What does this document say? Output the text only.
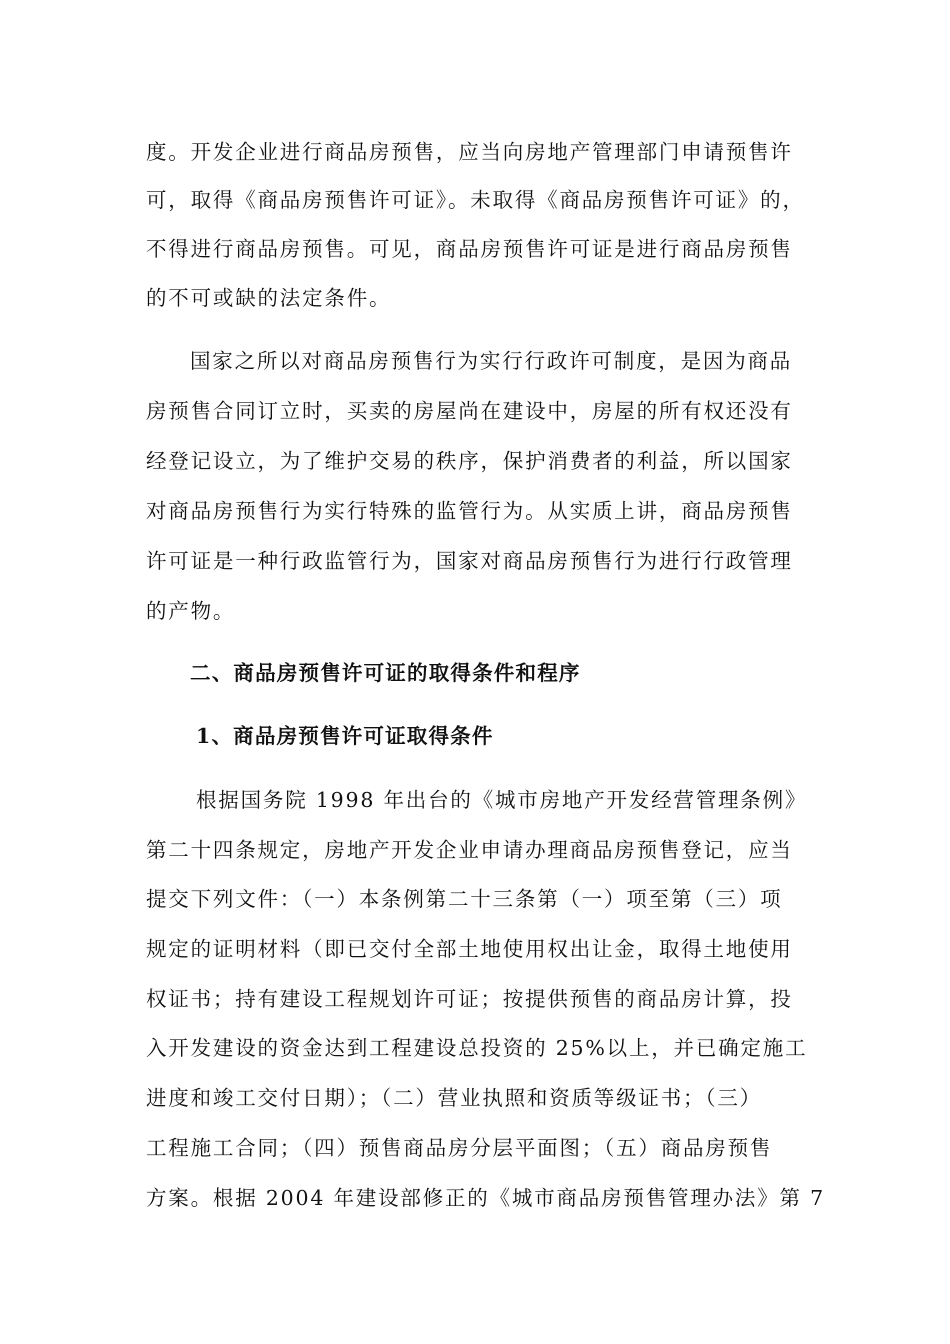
度。开发企业进行商品房预售，应当向房地产管理部门申请预售许
可，取得《商品房预售许可证》。未取得《商品房预售许可证》的，
不得进行商品房预售。可见，商品房预售许可证是进行商品房预售
的不可或缺的法定条件。
国家之所以对商品房预售行为实行行政许可制度，是因为商品
房预售合同订立时，买卖的房屋尚在建设中，房屋的所有权还没有
经登记设立，为了维护交易的秩序，保护消费者的利益，所以国家
对商品房预售行为实行特殊的监管行为。从实质上讲，商品房预售
许可证是一种行政监管行为，国家对商品房预售行为进行行政管理
的产物。
二、商品房预售许可证的取得条件和程序
1、商品房预售许可证取得条件
根据国务院 1998 年出台的《城市房地产开发经营管理条例》
第二十四条规定，房地产开发企业申请办理商品房预售登记，应当
提交下列文件：（一）本条例第二十三条第（一）项至第（三）项
规定的证明材料（即已交付全部土地使用权出让金，取得土地使用
权证书；持有建设工程规划许可证；按提供预售的商品房计算，投
入开发建设的资金达到工程建设总投资的 25%以上，并已确定施工
进度和竣工交付日期）；（二）营业执照和资质等级证书；（三）
工程施工合同；（四）预售商品房分层平面图；（五）商品房预售
方案。根据 2004 年建设部修正的《城市商品房预售管理办法》第 7
